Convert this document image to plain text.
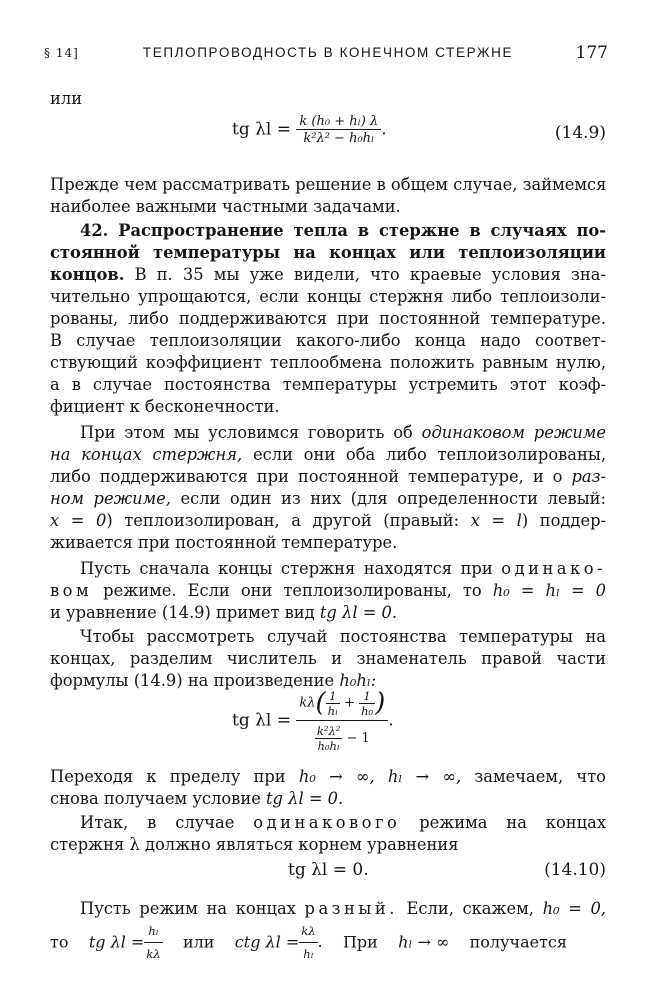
§ 14]	ТЕПЛОПРОВОДНОСТЬ В КОНЕЧНОМ СТЕРЖНЕ	177
или
tg $\lambda l = \frac{\text{k (h₀ + hₗ) λ}}{\text{k²λ² − h₀hₗ}}$ .	(14.9)
Прежде чем рассматривать решение в общем случае, займемся
наиболее важными частными задачами.
42. Распространение тепла в стержне в случаях по-
стоянной температуры на концах или теплоизоляции
концов. В п. 35 мы уже видели, что краевые условия зна-
чительно упрощаются, если концы стержня либо теплоизоли-
рованы, либо поддерживаются при постоянной температуре.
В случае теплоизоляции какого-либо конца надо соответ-
ствующий коэффициент теплообмена положить равным нулю,
а в случае постоянства температуры устремить этот коэф-
фициент к бесконечности.
При этом мы условимся говорить об одинаковом режиме
на концах стержня, если они оба либо теплоизолированы,
либо поддерживаются при постоянной температуре, и о раз-
ном режиме, если один из них (для определенности левый:
x = 0) теплоизолирован, а другой (правый: x = l) поддер-
живается при постоянной температуре.
Пусть сначала концы стержня находятся при одинако-
вом режиме. Если они теплоизолированы, то h₀ = hₗ = 0
и уравнение (14.9) примет вид tg λl = 0.
Чтобы рассмотреть случай постоянства температуры на
концах, разделим числитель и знаменатель правой части
формулы (14.9) на произведение h₀hₗ:
tg $\lambda l = \frac{k\lambda( \frac{1}{\text{hₗ}} + \frac{1}{\text{h₀}} )}{\frac{\text{k²λ²}}{\text{h₀hₗ}} - 1}$ .
Переходя к пределу при h₀ → ∞, hₗ → ∞, замечаем, что
снова получаем условие tg λl = 0.
Итак, в случае одинакового режима на концах
стержня λ должно являться корнем уравнения
tg λl = 0.	(14.10)
Пусть режим на концах разный. Если, скажем, h₀ = 0,
то tg $\lambda l = \frac{\text{hₗ}}{k\lambda}$ или ctg $\lambda l = \frac{k\lambda}{\text{hₗ}}$ .    При hₗ → ∞ получается
